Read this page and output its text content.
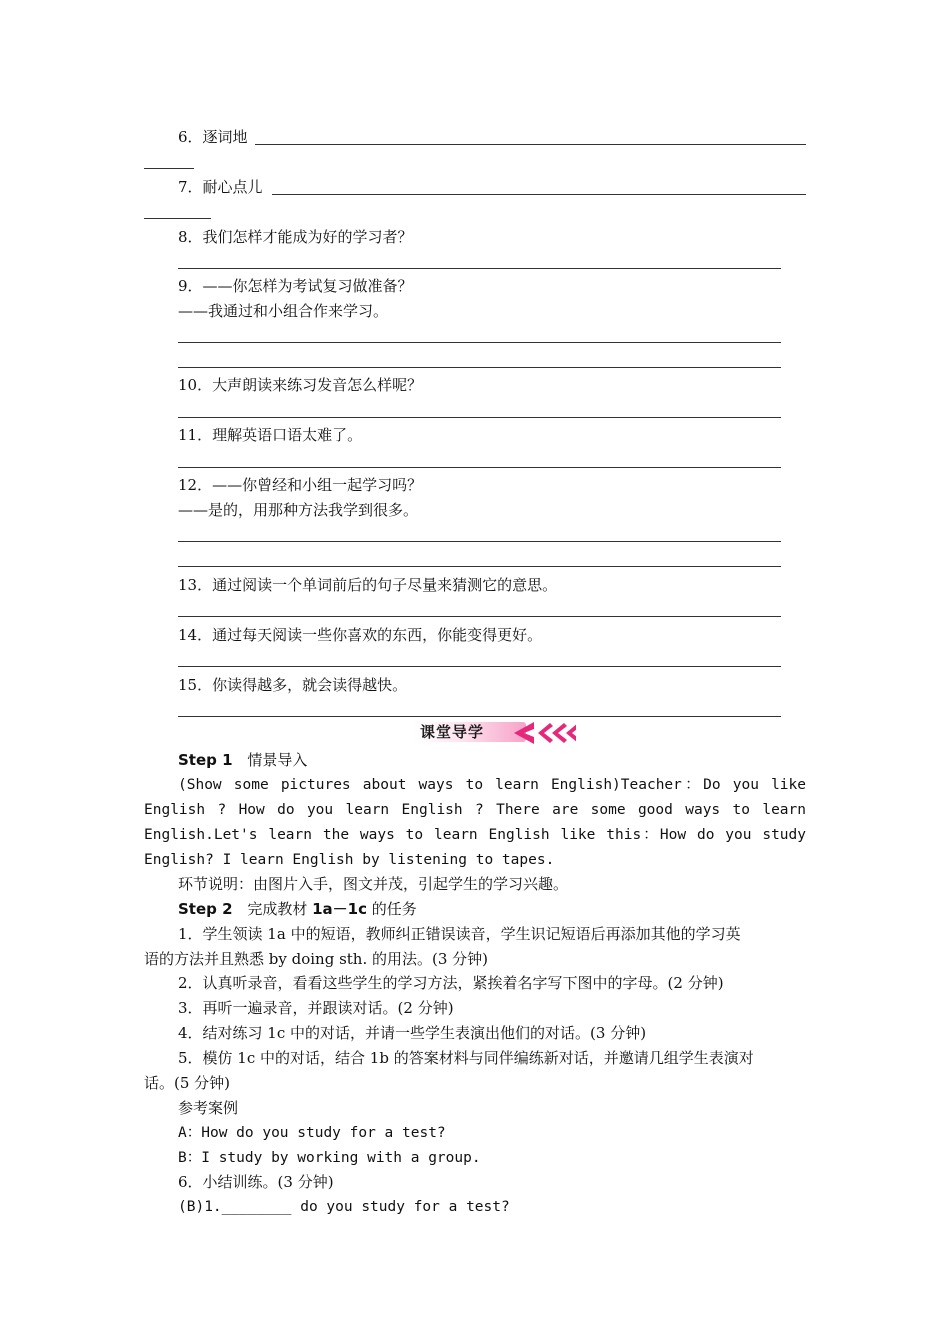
6．逐词地
7．耐心点儿
8．我们怎样才能成为好的学习者？
9．——你怎样为考试复习做准备？
——我通过和小组合作来学习。
10．大声朗读来练习发音怎么样呢？
11．理解英语口语太难了。
12．——你曾经和小组一起学习吗？
——是的，用那种方法我学到很多。
13．通过阅读一个单词前后的句子尽量来猜测它的意思。
14．通过每天阅读一些你喜欢的东西，你能变得更好。
15．你读得越多，就会读得越快。
课堂导学
Step 1 情景导入
(Show some pictures about ways to learn English)Teacher：Do you like
English ? How do you learn English ? There are some good ways to learn
English.Let's learn the ways to learn English like this：How do you study
English? I learn English by listening to tapes.
环节说明：由图片入手，图文并茂，引起学生的学习兴趣。
Step 2 完成教材 1a－1c 的任务
1．学生领读 1a 中的短语，教师纠正错误读音，学生识记短语后再添加其他的学习英
语的方法并且熟悉 by doing sth. 的用法。(3 分钟)
2．认真听录音，看看这些学生的学习方法，紧挨着名字写下图中的字母。(2 分钟)
3．再听一遍录音，并跟读对话。(2 分钟)
4．结对练习 1c 中的对话，并请一些学生表演出他们的对话。(3 分钟)
5．模仿 1c 中的对话，结合 1b 的答案材料与同伴编练新对话，并邀请几组学生表演对
话。(5 分钟)
参考案例
A：How do you study for a test?
B：I study by working with a group.
6．小结训练。(3 分钟)
(B)1.________ do you study for a test?
